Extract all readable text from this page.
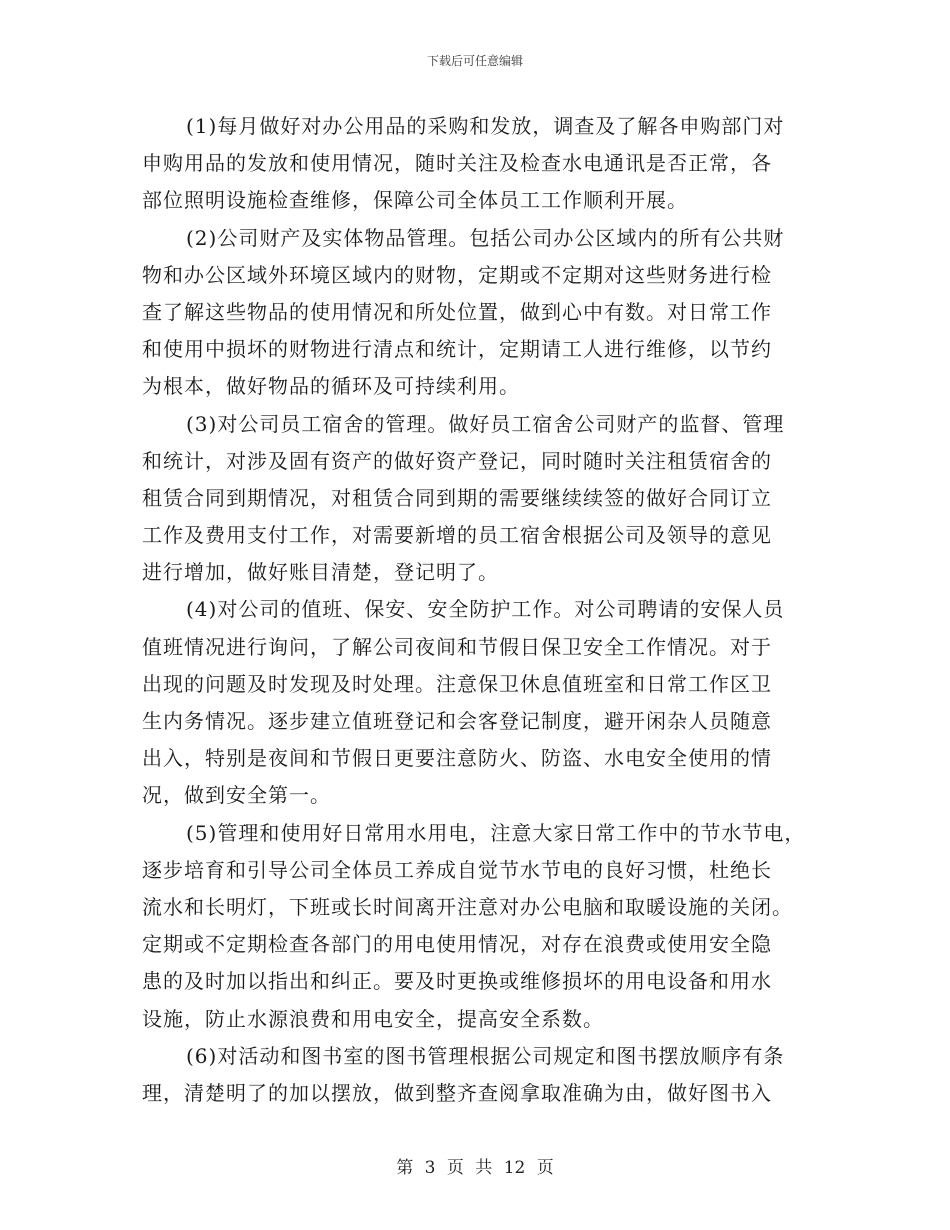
下载后可任意编辑
(1)每月做好对办公用品的采购和发放，调查及了解各申购部门对
申购用品的发放和使用情况，随时关注及检查水电通讯是否正常，各
部位照明设施检查维修，保障公司全体员工工作顺利开展。
(2)公司财产及实体物品管理。包括公司办公区域内的所有公共财
物和办公区域外环境区域内的财物，定期或不定期对这些财务进行检
查了解这些物品的使用情况和所处位置，做到心中有数。对日常工作
和使用中损坏的财物进行清点和统计，定期请工人进行维修，以节约
为根本，做好物品的循环及可持续利用。
(3)对公司员工宿舍的管理。做好员工宿舍公司财产的监督、管理
和统计，对涉及固有资产的做好资产登记，同时随时关注租赁宿舍的
租赁合同到期情况，对租赁合同到期的需要继续续签的做好合同订立
工作及费用支付工作，对需要新增的员工宿舍根据公司及领导的意见
进行增加，做好账目清楚，登记明了。
(4)对公司的值班、保安、安全防护工作。对公司聘请的安保人员
值班情况进行询问，了解公司夜间和节假日保卫安全工作情况。对于
出现的问题及时发现及时处理。注意保卫休息值班室和日常工作区卫
生内务情况。逐步建立值班登记和会客登记制度，避开闲杂人员随意
出入，特别是夜间和节假日更要注意防火、防盗、水电安全使用的情
况，做到安全第一。
(5)管理和使用好日常用水用电，注意大家日常工作中的节水节电，
逐步培育和引导公司全体员工养成自觉节水节电的良好习惯，杜绝长
流水和长明灯，下班或长时间离开注意对办公电脑和取暖设施的关闭。
定期或不定期检查各部门的用电使用情况，对存在浪费或使用安全隐
患的及时加以指出和纠正。要及时更换或维修损坏的用电设备和用水
设施，防止水源浪费和用电安全，提高安全系数。
(6)对活动和图书室的图书管理根据公司规定和图书摆放顺序有条
理，清楚明了的加以摆放，做到整齐查阅拿取准确为由，做好图书入
第 3 页 共 12 页
